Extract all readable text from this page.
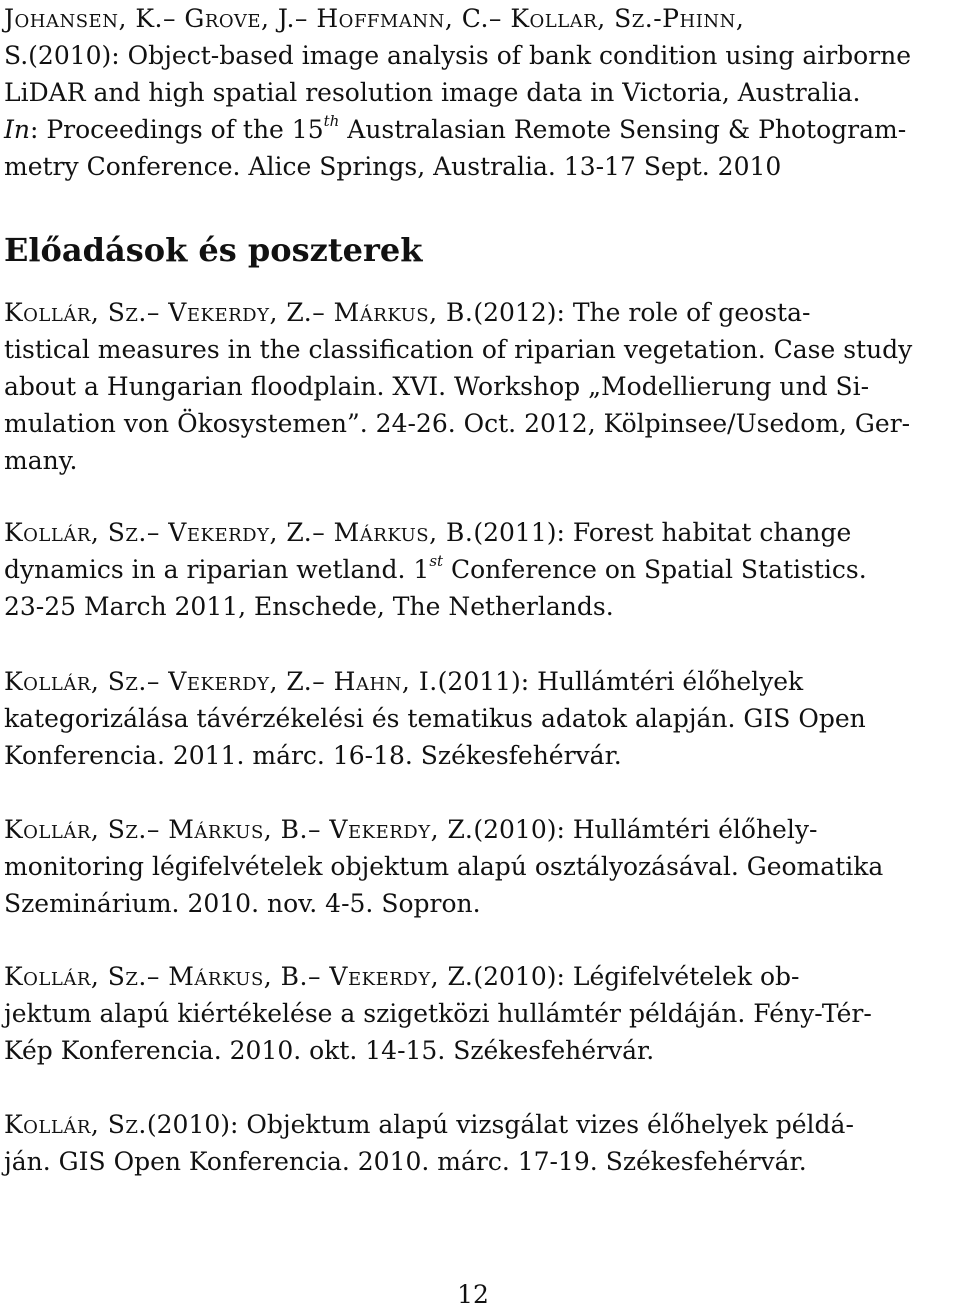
Johansen, K.– Grove, J.– Hoffmann, C.– Kollar, Sz.-Phinn,
S.(2010): Object-based image analysis of bank condition using airborne
LiDAR and high spatial resolution image data in Victoria, Australia.
In: Proceedings of the 15th Australasian Remote Sensing & Photogram-
metry Conference. Alice Springs, Australia. 13-17 Sept. 2010
Előadások és poszterek
Kollár, Sz.– Vekerdy, Z.– Márkus, B.(2012): The role of geosta-
tistical measures in the classification of riparian vegetation. Case study
about a Hungarian floodplain. XVI. Workshop „Modellierung und Si-
mulation von Ökosystemen”. 24-26. Oct. 2012, Kölpinsee/Usedom, Ger-
many.
Kollár, Sz.– Vekerdy, Z.– Márkus, B.(2011): Forest habitat change
dynamics in a riparian wetland. 1st Conference on Spatial Statistics.
23-25 March 2011, Enschede, The Netherlands.
Kollár, Sz.– Vekerdy, Z.– Hahn, I.(2011): Hullámtéri élőhelyek
kategorizálása távérzékelési és tematikus adatok alapján. GIS Open
Konferencia. 2011. márc. 16-18. Székesfehérvár.
Kollár, Sz.– Márkus, B.– Vekerdy, Z.(2010): Hullámtéri élőhely-
monitoring légifelvételek objektum alapú osztályozásával. Geomatika
Szeminárium. 2010. nov. 4-5. Sopron.
Kollár, Sz.– Márkus, B.– Vekerdy, Z.(2010): Légifelvételek ob-
jektum alapú kiértékelése a szigetközi hullámtér példáján. Fény-Tér-
Kép Konferencia. 2010. okt. 14-15. Székesfehérvár.
Kollár, Sz.(2010): Objektum alapú vizsgálat vizes élőhelyek példá-
ján. GIS Open Konferencia. 2010. márc. 17-19. Székesfehérvár.
12
